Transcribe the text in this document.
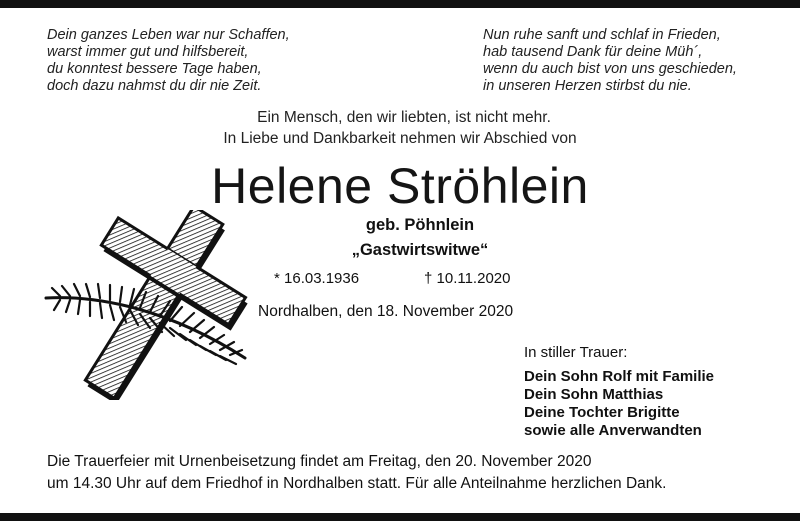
Dein ganzes Leben war nur Schaffen,
warst immer gut und hilfsbereit,
du konntest bessere Tage haben,
doch dazu nahmst du dir nie Zeit.
Nun ruhe sanft und schlaf in Frieden,
hab tausend Dank für deine Müh´,
wenn du auch bist von uns geschieden,
in unseren Herzen stirbst du nie.
Ein Mensch, den wir liebten, ist nicht mehr.
In Liebe und Dankbarkeit nehmen wir Abschied von
Helene Ströhlein
geb. Pöhnlein
„Gastwirtswitwe“
* 16.03.1936	† 10.11.2020
Nordhalben, den 18. November 2020
In stiller Trauer:
Dein Sohn Rolf mit Familie
Dein Sohn Matthias
Deine Tochter Brigitte
sowie alle Anverwandten
Die Trauerfeier mit Urnenbeisetzung findet am Freitag, den 20. November 2020
um 14.30 Uhr auf dem Friedhof in Nordhalben statt. Für alle Anteilnahme herzlichen Dank.
